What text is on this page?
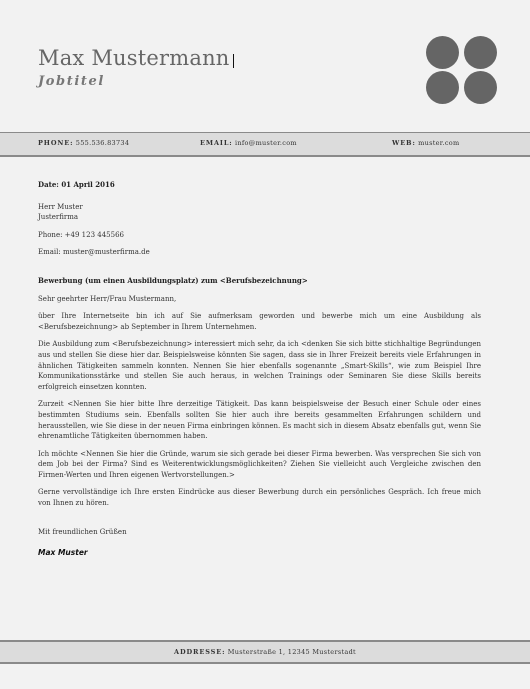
Max Mustermann
Jobtitel
PHONE: 555.536.83734	EMAIL: info@muster.com	WEB: muster.com

Date: 01 April 2016

Herr Muster

Justerfirma

Phone: +49 123 445566

Email: muster@musterfirma.de

Bewerbung (um einen Ausbildungsplatz) zum <Berufsbezeichnung>

Sehr geehrter Herr/Frau Mustermann,

über Ihre Internetseite bin ich auf Sie aufmerksam geworden und bewerbe mich um eine Ausbildung als <Berufsbezeichnung> ab September in Ihrem Unternehmen.

Die Ausbildung zum <Berufsbezeichnung> interessiert mich sehr, da ich <denken Sie sich bitte stichhaltige Begründungen aus und stellen Sie diese hier dar. Beispielsweise könnten Sie sagen, dass sie in Ihrer Freizeit bereits viele Erfahrungen in ähnlichen Tätigkeiten sammeln konnten. Nennen Sie hier ebenfalls sogenannte „Smart-Skills“, wie zum Beispiel Ihre Kommunikationsstärke und stellen Sie auch heraus, in welchen Trainings oder Seminaren Sie diese Skills bereits erfolgreich einsetzen konnten.

Zurzeit <Nennen Sie hier bitte Ihre derzeitige Tätigkeit. Das kann beispielsweise der Besuch einer Schule oder eines bestimmten Studiums sein. Ebenfalls sollten Sie hier auch ihre bereits gesammelten Erfahrungen schildern und herausstellen, wie Sie diese in der neuen Firma einbringen können. Es macht sich in diesem Absatz ebenfalls gut, wenn Sie ehrenamtliche Tätigkeiten übernommen haben.

Ich möchte <Nennen Sie hier die Gründe, warum sie sich gerade bei dieser Firma bewerben. Was versprechen Sie sich von dem Job bei der Firma? Sind es Weiterentwicklungsmöglichkeiten? Ziehen Sie vielleicht auch Vergleiche zwischen den Firmen-Werten und Ihren eigenen Wertvorstellungen.>

Gerne vervollständige ich Ihre ersten Eindrücke aus dieser Bewerbung durch ein persönliches Gespräch. Ich freue mich von Ihnen zu hören.

Mit freundlichen Grüßen

Max Muster

ADDRESSE: Musterstraße 1, 12345 Musterstadt
